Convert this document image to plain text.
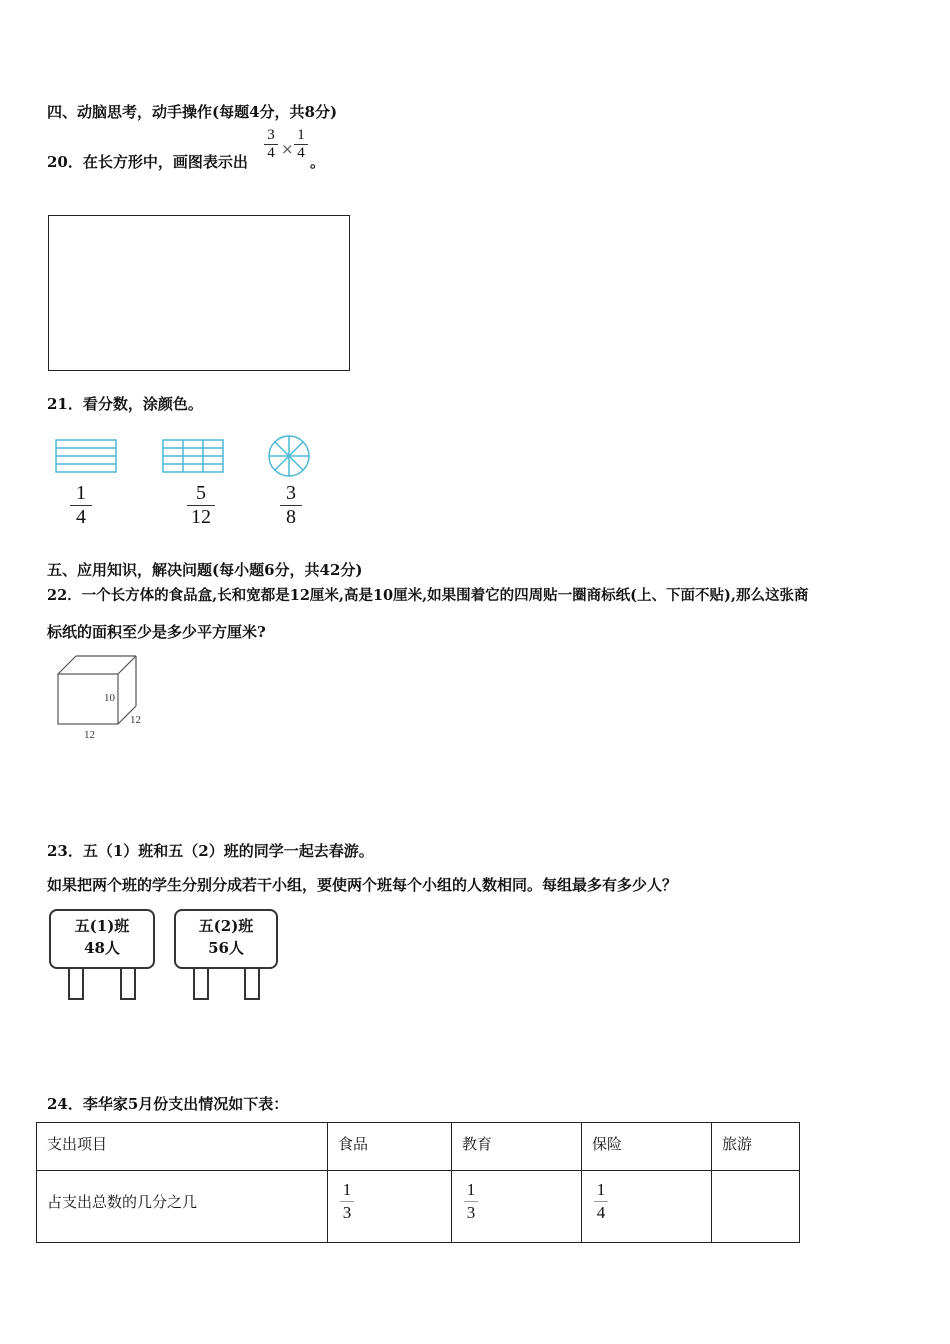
四、动脑思考，动手操作(每题4分，共8分)
20．在长方形中，画图表示出
3
4 ×
1
4 。
21．看分数，涂颜色。
1
4
5
12
3
8
五、应用知识，解决问题(每小题6分，共42分)
22．一个长方体的食品盒,长和宽都是12厘米,高是10厘米,如果围着它的四周贴一圈商标纸(上、下面不贴),那么这张商
标纸的面积至少是多少平方厘米?
10
12
12
23．五（1）班和五（2）班的同学一起去春游。
如果把两个班的学生分别分成若干小组，要使两个班每个小组的人数相同。每组最多有多少人？
五(1)班
48人
五(2)班
56人
24．李华家5月份支出情况如下表：
支出项目	食品	教育	保险	旅游
占支出总数的几分之几	$\frac{1}{3}$	$\frac{1}{3}$	$\frac{1}{4}$
